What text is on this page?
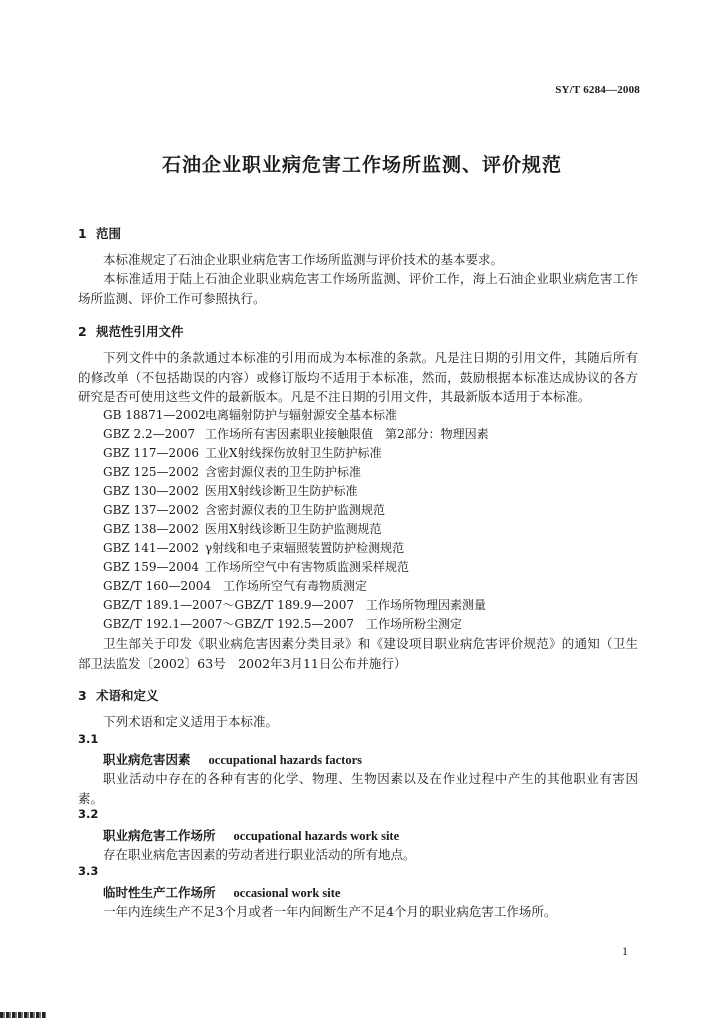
SY/T 6284—2008
石油企业职业病危害工作场所监测、评价规范
1 范围
本标准规定了石油企业职业病危害工作场所监测与评价技术的基本要求。
本标准适用于陆上石油企业职业病危害工作场所监测、评价工作，海上石油企业职业病危害工作场所监测、评价工作可参照执行。
2 规范性引用文件
下列文件中的条款通过本标准的引用而成为本标准的条款。凡是注日期的引用文件，其随后所有的修改单（不包括勘误的内容）或修订版均不适用于本标准，然而，鼓励根据本标准达成协议的各方研究是否可使用这些文件的最新版本。凡是不注日期的引用文件，其最新版本适用于本标准。
GB 18871—2002电离辐射防护与辐射源安全基本标准
GBZ 2.2—2007 工作场所有害因素职业接触限值　第2部分：物理因素
GBZ 117—2006 工业X射线探伤放射卫生防护标准
GBZ 125—2002 含密封源仪表的卫生防护标准
GBZ 130—2002 医用X射线诊断卫生防护标准
GBZ 137—2002 含密封源仪表的卫生防护监测规范
GBZ 138—2002 医用X射线诊断卫生防护监测规范
GBZ 141—2002 γ射线和电子束辐照装置防护检测规范
GBZ 159—2004 工作场所空气中有害物质监测采样规范
GBZ/T 160—2004　工作场所空气有毒物质测定
GBZ/T 189.1—2007～GBZ/T 189.9—2007　工作场所物理因素测量
GBZ/T 192.1—2007～GBZ/T 192.5—2007　工作场所粉尘测定
卫生部关于印发《职业病危害因素分类目录》和《建设项目职业病危害评价规范》的通知（卫生部卫法监发〔2002〕63号　2002年3月11日公布并施行）
3 术语和定义
下列术语和定义适用于本标准。
3.1
职业病危害因素 occupational hazards factors
职业活动中存在的各种有害的化学、物理、生物因素以及在作业过程中产生的其他职业有害因素。
3.2
职业病危害工作场所 occupational hazards work site
存在职业病危害因素的劳动者进行职业活动的所有地点。
3.3
临时性生产工作场所 occasional work site
一年内连续生产不足3个月或者一年内间断生产不足4个月的职业病危害工作场所。
1
